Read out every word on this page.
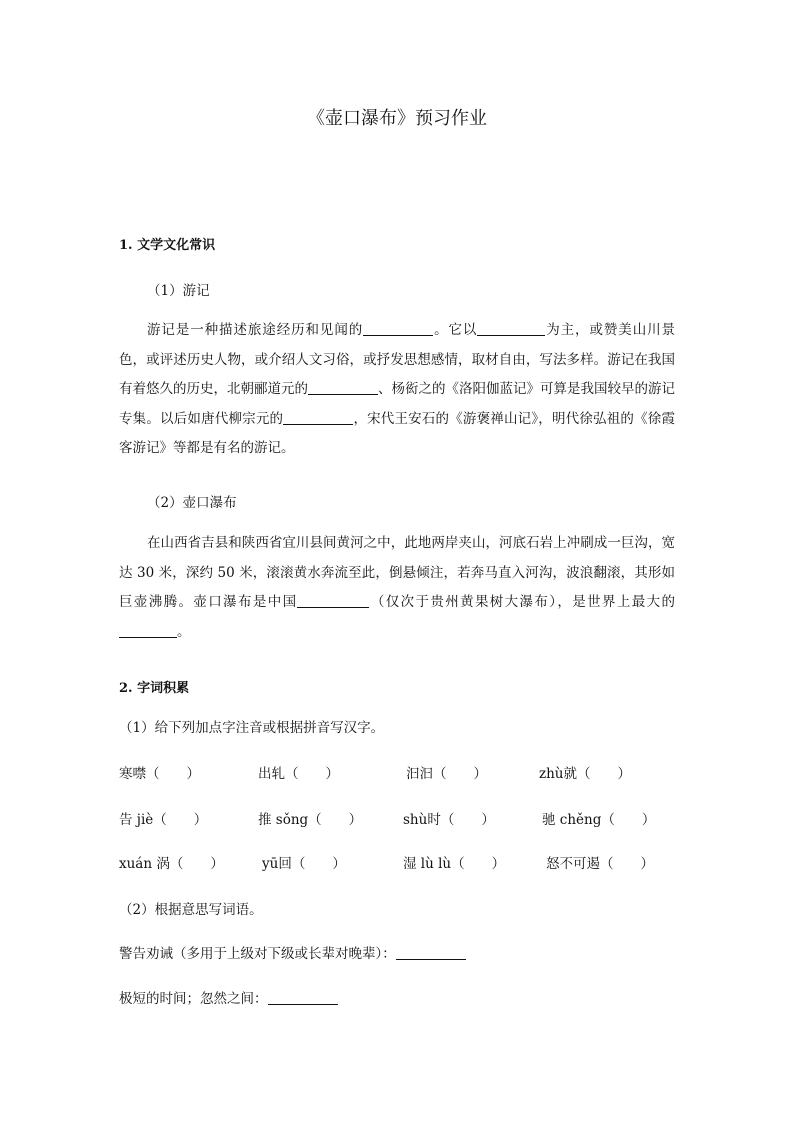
《壶口瀑布》预习作业
1. 文学文化常识
（1）游记
游记是一种描述旅途经历和见闻的	。它以	为主，或赞美山川景色，或评述历史人物，或介绍人文习俗，或抒发思想感情，取材自由，写法多样。游记在我国有着悠久的历史，北朝郦道元的	、杨衒之的《洛阳伽蓝记》可算是我国较早的游记专集。以后如唐代柳宗元的	，宋代王安石的《游褒禅山记》，明代徐弘祖的《徐霞客游记》等都是有名的游记。
（2）壶口瀑布
在山西省吉县和陕西省宜川县间黄河之中，此地两岸夹山，河底石岩上冲刷成一巨沟，宽达 30 米，深约 50 米，滚滚黄水奔流至此，倒悬倾注，若奔马直入河沟，波浪翻滚，其形如巨壶沸腾。壶口瀑布是中国	（仅次于贵州黄果树大瀑布），是世界上最大的。
2. 字词积累
（1）给下列加点字注音或根据拼音写汉字。
寒噤（　　）	出轧（　　）	汩汩（　　）	zhù就（　　）
告 jiè（　　）	推 sǒng（　　）	shù时（　　）	驰 chěng（　　）
xuán 涡（　　）	yū回（　　）	湿 lù lù（　　）	怒不可遏（　　）
（2）根据意思写词语。
警告劝诫（多用于上级对下级或长辈对晚辈）：
极短的时间；忽然之间：
